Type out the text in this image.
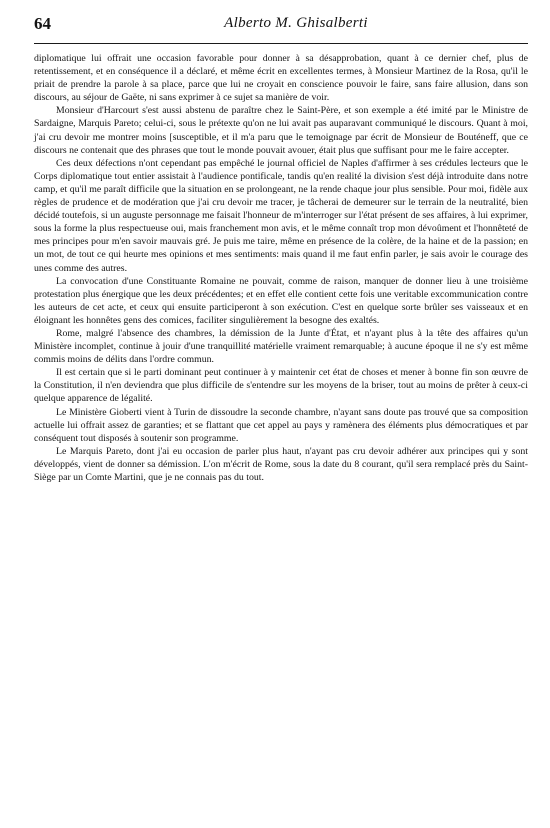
64	Alberto M. Ghisalberti

diplomatique lui offrait une occasion favorable pour donner à sa désapprobation, quant à ce dernier chef, plus de retentissement, et en conséquence il a déclaré, et même écrit en excellentes termes, à Monsieur Martinez de la Rosa, qu'il le priait de prendre la parole à sa place, parce que lui ne croyait en conscience pouvoir le faire, sans faire allusion, dans son discours, au séjour de Gaëte, ni sans exprimer à ce sujet sa manière de voir.

Monsieur d'Harcourt s'est aussi abstenu de paraître chez le Saint-Père, et son exemple a été imité par le Ministre de Sardaigne, Marquis Pareto; celui-ci, sous le prétexte qu'on ne lui avait pas auparavant communiqué le discours. Quant à moi, j'ai cru devoir me montrer moins [susceptible, et il m'a paru que le temoignage par écrit de Monsieur de Bouténeff, que ce discours ne contenait que des phrases que tout le monde pouvait avouer, était plus que suffisant pour me le faire accepter.

Ces deux défections n'ont cependant pas empêché le journal officiel de Naples d'affirmer à ses crédules lecteurs que le Corps diplomatique tout entier assistait à l'audience pontificale, tandis qu'en realité la division s'est déjà introduite dans notre camp, et qu'il me paraît difficile que la situation en se prolongeant, ne la rende chaque jour plus sensible. Pour moi, fidèle aux règles de prudence et de modération que j'ai cru devoir me tracer, je tâcherai de demeurer sur le terrain de la neutralité, bien décidé toutefois, si un auguste personnage me faisait l'honneur de m'interroger sur l'état présent de ses affaires, à lui exprimer, sous la forme la plus respectueuse oui, mais franchement mon avis, et le même connaît trop mon dévoûment et l'honnêteté de mes principes pour m'en savoir mauvais gré. Je puis me taire, même en présence de la colère, de la haine et de la passion; en un mot, de tout ce qui heurte mes opinions et mes sentiments: mais quand il me faut enfin parler, je sais avoir le courage des unes comme des autres.

La convocation d'une Constituante Romaine ne pouvait, comme de raison, manquer de donner lieu à une troisième protestation plus énergique que les deux précédentes; et en effet elle contient cette fois une veritable excommunication contre les auteurs de cet acte, et ceux qui ensuite participeront à son exécution. C'est en quelque sorte brûler ses vaisseaux et en éloignant les honnêtes gens des comices, faciliter singulièrement la besogne des exaltés.

Rome, malgré l'absence des chambres, la démission de la Junte d'État, et n'ayant plus à la tête des affaires qu'un Ministère incomplet, continue à jouir d'une tranquillité matérielle vraiment remarquable; à aucune époque il ne s'y est même commis moins de délits dans l'ordre commun.

Il est certain que si le parti dominant peut continuer à y maintenir cet état de choses et mener à bonne fin son œuvre de la Constitution, il n'en deviendra que plus difficile de s'entendre sur les moyens de la briser, tout au moins de prêter à ceux-ci quelque apparence de légalité.

Le Ministère Gioberti vient à Turin de dissoudre la seconde chambre, n'ayant sans doute pas trouvé que sa composition actuelle lui offrait assez de garanties; et se flattant que cet appel au pays y ramènera des éléments plus démocratiques et par conséquent tout disposés à soutenir son programme.

Le Marquis Pareto, dont j'ai eu occasion de parler plus haut, n'ayant pas cru devoir adhérer aux principes qui y sont développés, vient de donner sa démission. L'on m'écrit de Rome, sous la date du 8 courant, qu'il sera remplacé près du Saint-Siège par un Comte Martini, que je ne connais pas du tout.
